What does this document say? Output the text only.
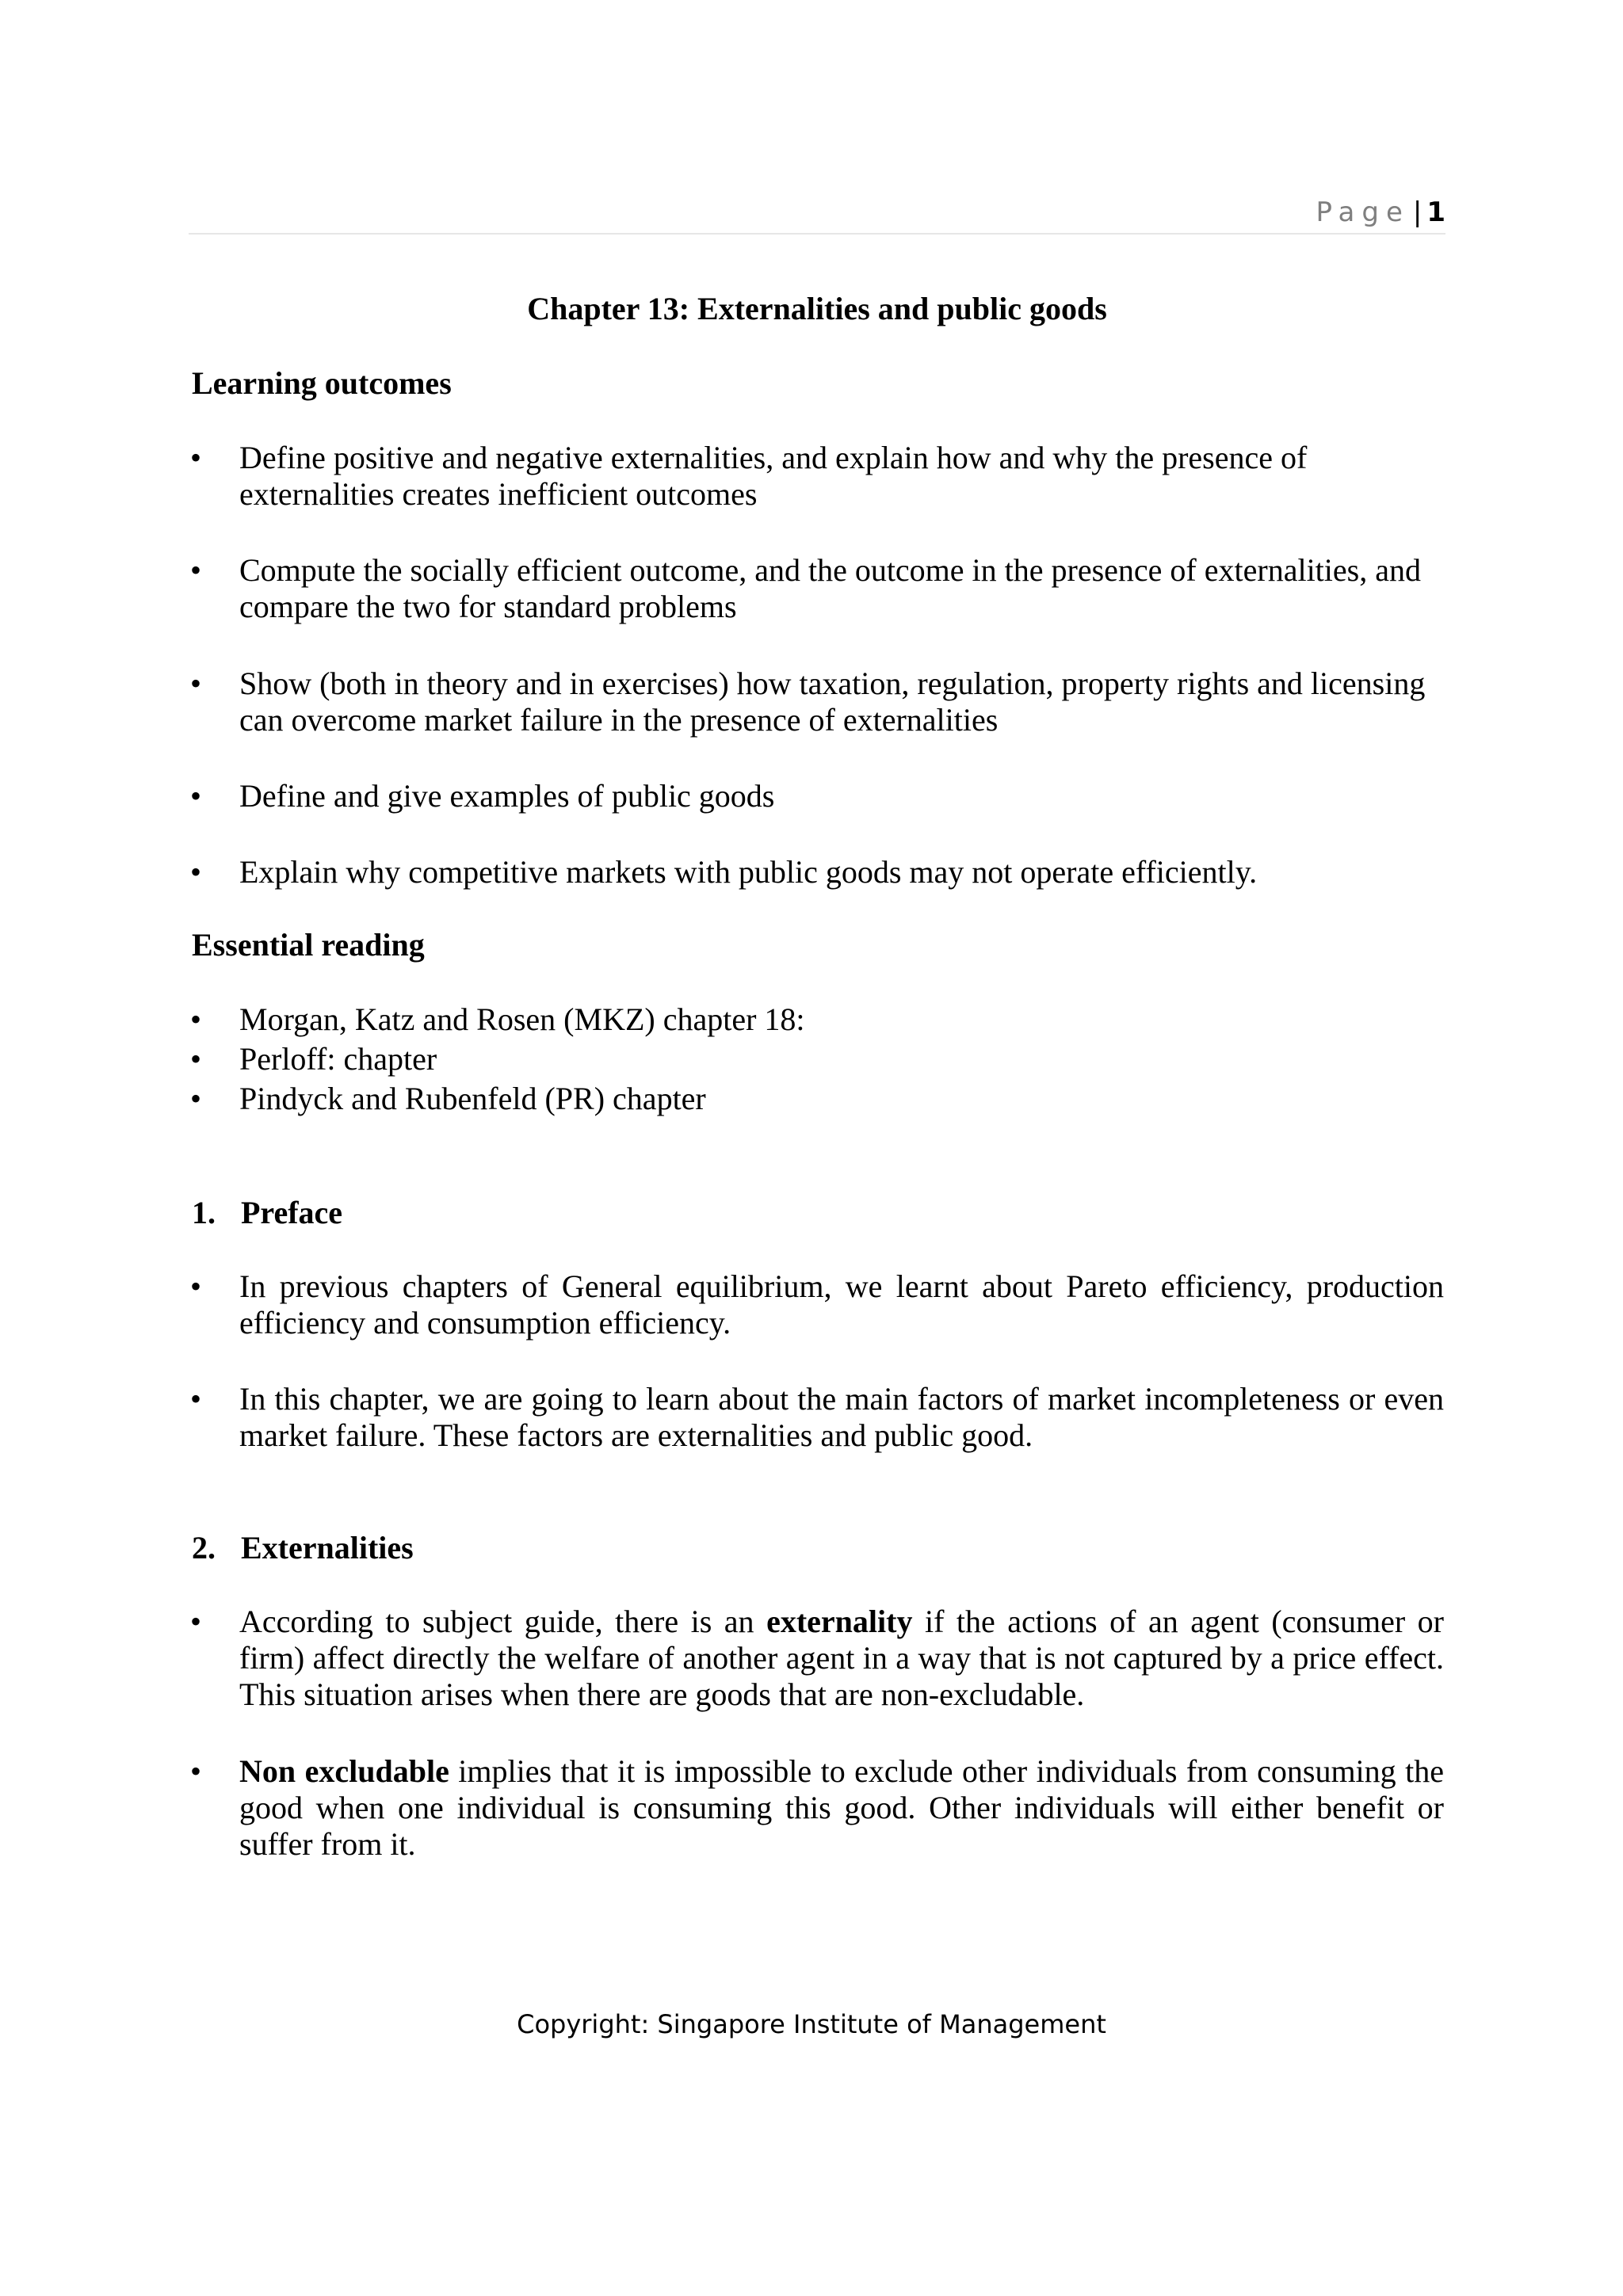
Page | 1
Chapter 13: Externalities and public goods
Learning outcomes
•	Define positive and negative externalities, and explain how and why the presence of externalities creates inefficient outcomes
•	Compute the socially efficient outcome, and the outcome in the presence of externalities, and compare the two for standard problems
•	Show (both in theory and in exercises) how taxation, regulation, property rights and licensing can overcome market failure in the presence of externalities
•	Define and give examples of public goods
•	Explain why competitive markets with public goods may not operate efficiently.
Essential reading
•	Morgan, Katz and Rosen (MKZ) chapter 18:
•	Perloff: chapter
•	Pindyck and Rubenfeld (PR) chapter
1. Preface
•	In previous chapters of General equilibrium, we learnt about Pareto efficiency, production efficiency and consumption efficiency.
•	In this chapter, we are going to learn about the main factors of market incompleteness or even market failure. These factors are externalities and public good.
2. Externalities
•	According to subject guide, there is an externality if the actions of an agent (consumer or firm) affect directly the welfare of another agent in a way that is not captured by a price effect. This situation arises when there are goods that are non-excludable.
•	Non excludable implies that it is impossible to exclude other individuals from consuming the good when one individual is consuming this good. Other individuals will either benefit or suffer from it.
Copyright: Singapore Institute of Management
